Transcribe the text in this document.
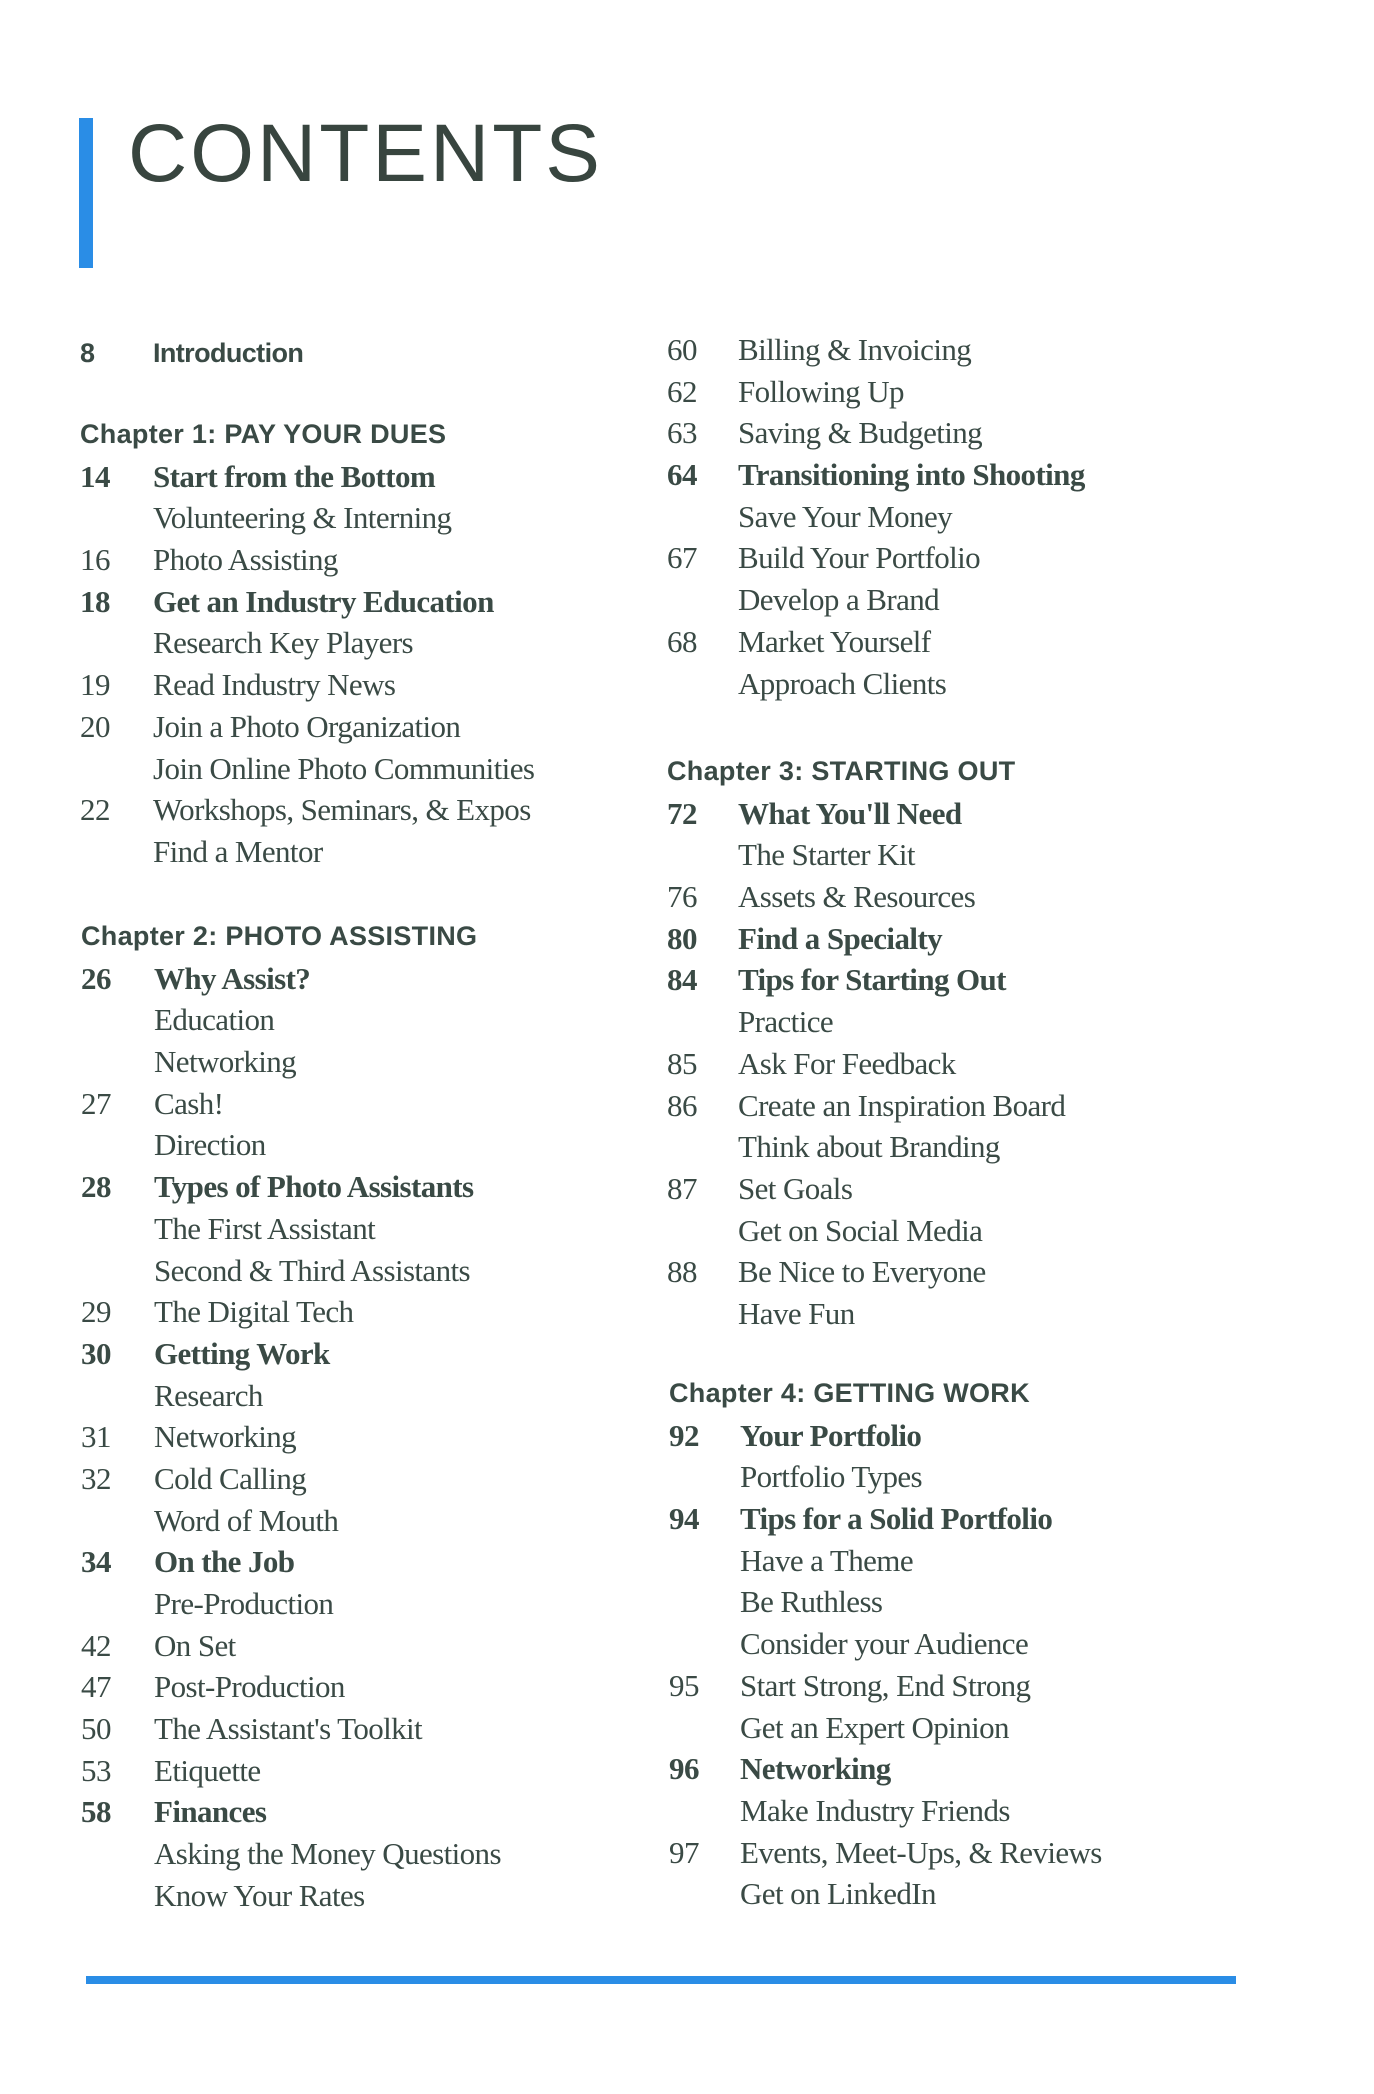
CONTENTS
8 Introduction
Chapter 1: PAY YOUR DUES
14 Start from the Bottom
Volunteering & Interning
16 Photo Assisting
18 Get an Industry Education
Research Key Players
19 Read Industry News
20 Join a Photo Organization
Join Online Photo Communities
22 Workshops, Seminars, & Expos
Find a Mentor
Chapter 2: PHOTO ASSISTING
26 Why Assist?
Education
Networking
27 Cash!
Direction
28 Types of Photo Assistants
The First Assistant
Second & Third Assistants
29 The Digital Tech
30 Getting Work
Research
31 Networking
32 Cold Calling
Word of Mouth
34 On the Job
Pre-Production
42 On Set
47 Post-Production
50 The Assistant's Toolkit
53 Etiquette
58 Finances
Asking the Money Questions
Know Your Rates
60 Billing & Invoicing
62 Following Up
63 Saving & Budgeting
64 Transitioning into Shooting
Save Your Money
67 Build Your Portfolio
Develop a Brand
68 Market Yourself
Approach Clients
Chapter 3: STARTING OUT
72 What You'll Need
The Starter Kit
76 Assets & Resources
80 Find a Specialty
84 Tips for Starting Out
Practice
85 Ask For Feedback
86 Create an Inspiration Board
Think about Branding
87 Set Goals
Get on Social Media
88 Be Nice to Everyone
Have Fun
Chapter 4: GETTING WORK
92 Your Portfolio
Portfolio Types
94 Tips for a Solid Portfolio
Have a Theme
Be Ruthless
Consider your Audience
95 Start Strong, End Strong
Get an Expert Opinion
96 Networking
Make Industry Friends
97 Events, Meet-Ups, & Reviews
Get on LinkedIn
